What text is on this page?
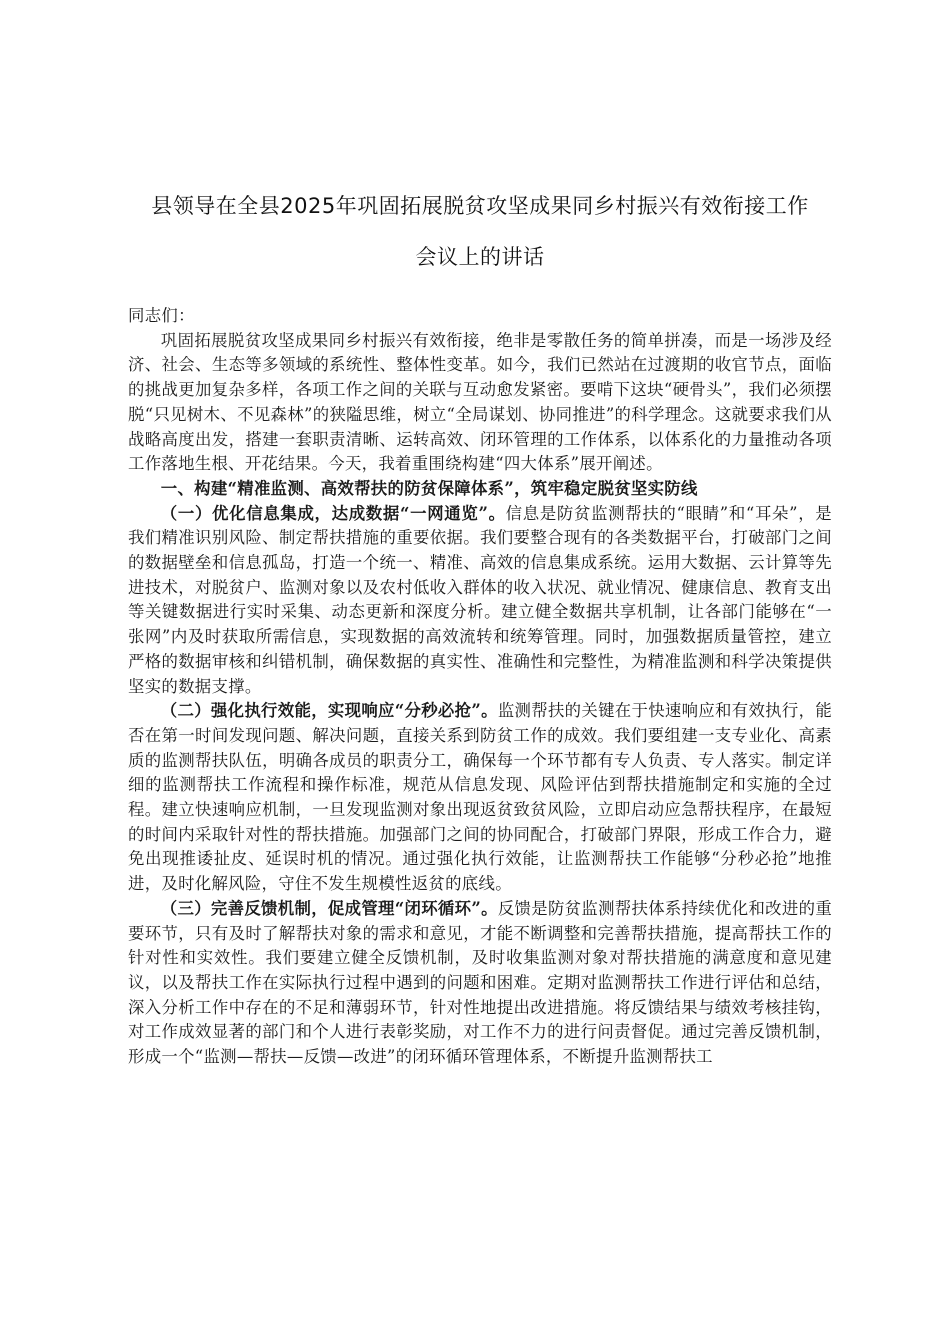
县领导在全县2025年巩固拓展脱贫攻坚成果同乡村振兴有效衔接工作
会议上的讲话

同志们：

巩固拓展脱贫攻坚成果同乡村振兴有效衔接，绝非是零散任务的简单拼凑，而是一场涉及经济、社会、生态等多领域的系统性、整体性变革。如今，我们已然站在过渡期的收官节点，面临的挑战更加复杂多样，各项工作之间的关联与互动愈发紧密。要啃下这块“硬骨头”，我们必须摆脱“只见树木、不见森林”的狭隘思维，树立“全局谋划、协同推进”的科学理念。这就要求我们从战略高度出发，搭建一套职责清晰、运转高效、闭环管理的工作体系，以体系化的力量推动各项工作落地生根、开花结果。今天，我着重围绕构建“四大体系”展开阐述。

一、构建“精准监测、高效帮扶的防贫保障体系”，筑牢稳定脱贫坚实防线

（一）优化信息集成，达成数据“一网通览”。信息是防贫监测帮扶的“眼睛”和“耳朵”，是我们精准识别风险、制定帮扶措施的重要依据。我们要整合现有的各类数据平台，打破部门之间的数据壁垒和信息孤岛，打造一个统一、精准、高效的信息集成系统。运用大数据、云计算等先进技术，对脱贫户、监测对象以及农村低收入群体的收入状况、就业情况、健康信息、教育支出等关键数据进行实时采集、动态更新和深度分析。建立健全数据共享机制，让各部门能够在“一张网”内及时获取所需信息，实现数据的高效流转和统筹管理。同时，加强数据质量管控，建立严格的数据审核和纠错机制，确保数据的真实性、准确性和完整性，为精准监测和科学决策提供坚实的数据支撑。

（二）强化执行效能，实现响应“分秒必抢”。监测帮扶的关键在于快速响应和有效执行，能否在第一时间发现问题、解决问题，直接关系到防贫工作的成效。我们要组建一支专业化、高素质的监测帮扶队伍，明确各成员的职责分工，确保每一个环节都有专人负责、专人落实。制定详细的监测帮扶工作流程和操作标准，规范从信息发现、风险评估到帮扶措施制定和实施的全过程。建立快速响应机制，一旦发现监测对象出现返贫致贫风险，立即启动应急帮扶程序，在最短的时间内采取针对性的帮扶措施。加强部门之间的协同配合，打破部门界限，形成工作合力，避免出现推诿扯皮、延误时机的情况。通过强化执行效能，让监测帮扶工作能够“分秒必抢”地推进，及时化解风险，守住不发生规模性返贫的底线。

（三）完善反馈机制，促成管理“闭环循环”。反馈是防贫监测帮扶体系持续优化和改进的重要环节，只有及时了解帮扶对象的需求和意见，才能不断调整和完善帮扶措施，提高帮扶工作的针对性和实效性。我们要建立健全反馈机制，及时收集监测对象对帮扶措施的满意度和意见建议，以及帮扶工作在实际执行过程中遇到的问题和困难。定期对监测帮扶工作进行评估和总结，深入分析工作中存在的不足和薄弱环节，针对性地提出改进措施。将反馈结果与绩效考核挂钩，对工作成效显著的部门和个人进行表彰奖励，对工作不力的进行问责督促。通过完善反馈机制，形成一个“监测—帮扶—反馈—改进”的闭环循环管理体系，不断提升监测帮扶工
